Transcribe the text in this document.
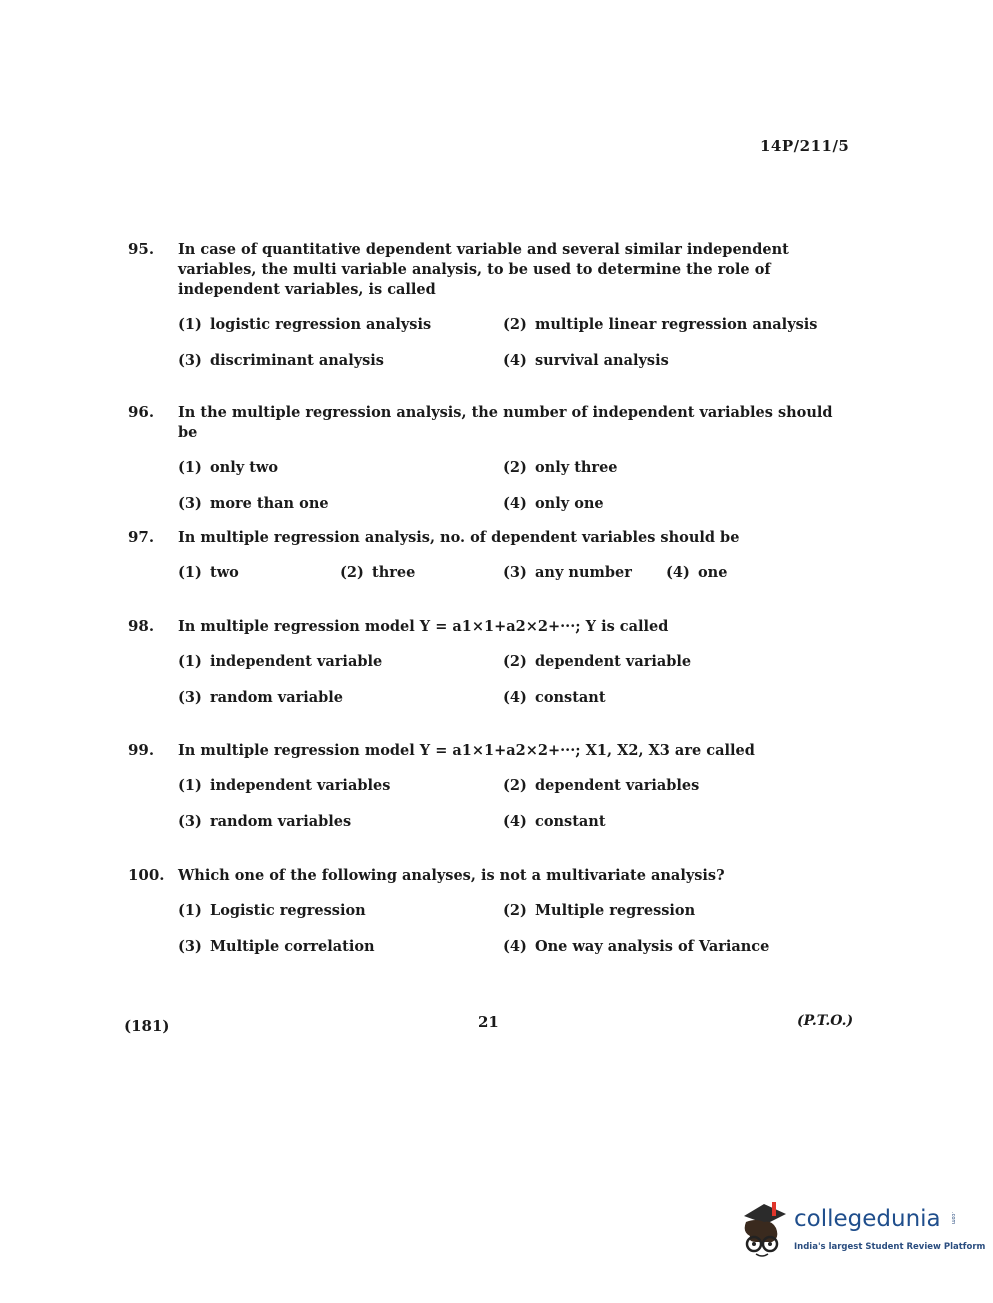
14P/211/5
95.	In case of quantitative dependent variable and several similar independent variables, the multi variable analysis, to be used to determine the role of independent variables, is called
(1) logistic regression analysis	(2) multiple linear regression analysis
(3) discriminant analysis	(4) survival analysis
96.	In the multiple regression analysis, the number of independent variables should be
(1) only two	(2) only three
(3) more than one	(4) only one
97.	In multiple regression analysis, no. of dependent variables should be
(1) two	(2) three	(3) any number (4) one
98.	In multiple regression model Y = a1×1+a2×2+···; Y is called
(1) independent variable	(2) dependent variable
(3) random variable	(4) constant
99.	In multiple regression model Y = a1×1+a2×2+···; X1, X2, X3 are called
(1) independent variables	(2) dependent variables
(3) random variables	(4) constant
100. Which one of the following analyses, is not a multivariate analysis?
(1) Logistic regression	(2) Multiple regression
(3) Multiple correlation	(4) One way analysis of Variance
(181)	21	(P.T.O.)
collegedunia .com
India's largest Student Review Platform
